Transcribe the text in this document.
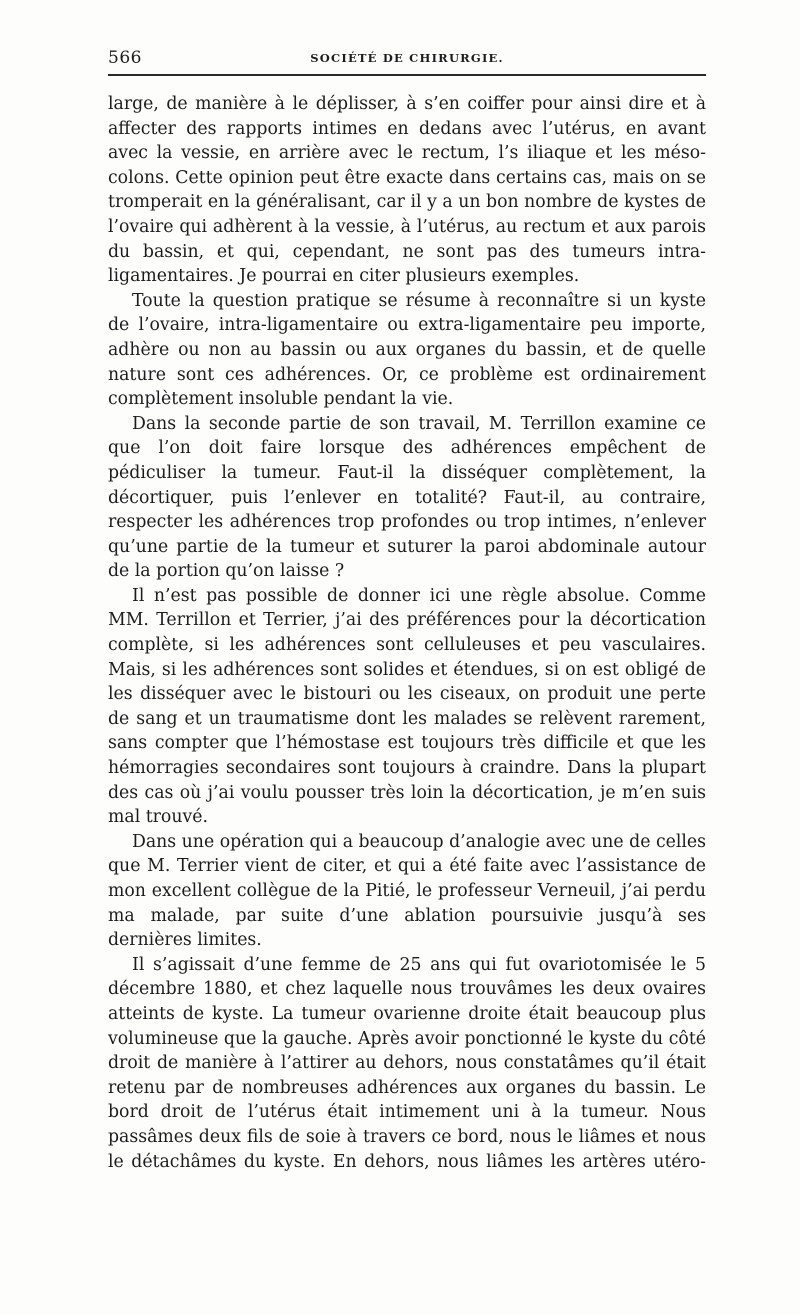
566	SOCIÉTÉ DE CHIRURGIE.

large, de manière à le déplisser, à s’en coiffer pour ainsi dire et à affecter des rapports intimes en dedans avec l’utérus, en avant avec la vessie, en arrière avec le rectum, l’s iliaque et les méso-colons. Cette opinion peut être exacte dans certains cas, mais on se tromperait en la généralisant, car il y a un bon nombre de kystes de l’ovaire qui adhèrent à la vessie, à l’utérus, au rectum et aux parois du bassin, et qui, cependant, ne sont pas des tumeurs intra-ligamentaires. Je pourrai en citer plusieurs exemples.

Toute la question pratique se résume à reconnaître si un kyste de l’ovaire, intra-ligamentaire ou extra-ligamentaire peu importe, adhère ou non au bassin ou aux organes du bassin, et de quelle nature sont ces adhérences. Or, ce problème est ordinairement complètement insoluble pendant la vie.

Dans la seconde partie de son travail, M. Terrillon examine ce que l’on doit faire lorsque des adhérences empêchent de pédiculiser la tumeur. Faut-il la disséquer complètement, la décortiquer, puis l’enlever en totalité? Faut-il, au contraire, respecter les adhérences trop profondes ou trop intimes, n’enlever qu’une partie de la tumeur et suturer la paroi abdominale autour de la portion qu’on laisse ?

Il n’est pas possible de donner ici une règle absolue. Comme MM. Terrillon et Terrier, j’ai des préférences pour la décortication complète, si les adhérences sont celluleuses et peu vasculaires. Mais, si les adhérences sont solides et étendues, si on est obligé de les disséquer avec le bistouri ou les ciseaux, on produit une perte de sang et un traumatisme dont les malades se relèvent rarement, sans compter que l’hémostase est toujours très difficile et que les hémorragies secondaires sont toujours à craindre. Dans la plupart des cas où j’ai voulu pousser très loin la décortication, je m’en suis mal trouvé.

Dans une opération qui a beaucoup d’analogie avec une de celles que M. Terrier vient de citer, et qui a été faite avec l’assistance de mon excellent collègue de la Pitié, le professeur Verneuil, j’ai perdu ma malade, par suite d’une ablation poursuivie jusqu’à ses dernières limites.

Il s’agissait d’une femme de 25 ans qui fut ovariotomisée le 5 décembre 1880, et chez laquelle nous trouvâmes les deux ovaires atteints de kyste. La tumeur ovarienne droite était beaucoup plus volumineuse que la gauche. Après avoir ponctionné le kyste du côté droit de manière à l’attirer au dehors, nous constatâmes qu’il était retenu par de nombreuses adhérences aux organes du bassin. Le bord droit de l’utérus était intimement uni à la tumeur. Nous passâmes deux fils de soie à travers ce bord, nous le liâmes et nous le détachâmes du kyste. En dehors, nous liâmes les artères utéro-
